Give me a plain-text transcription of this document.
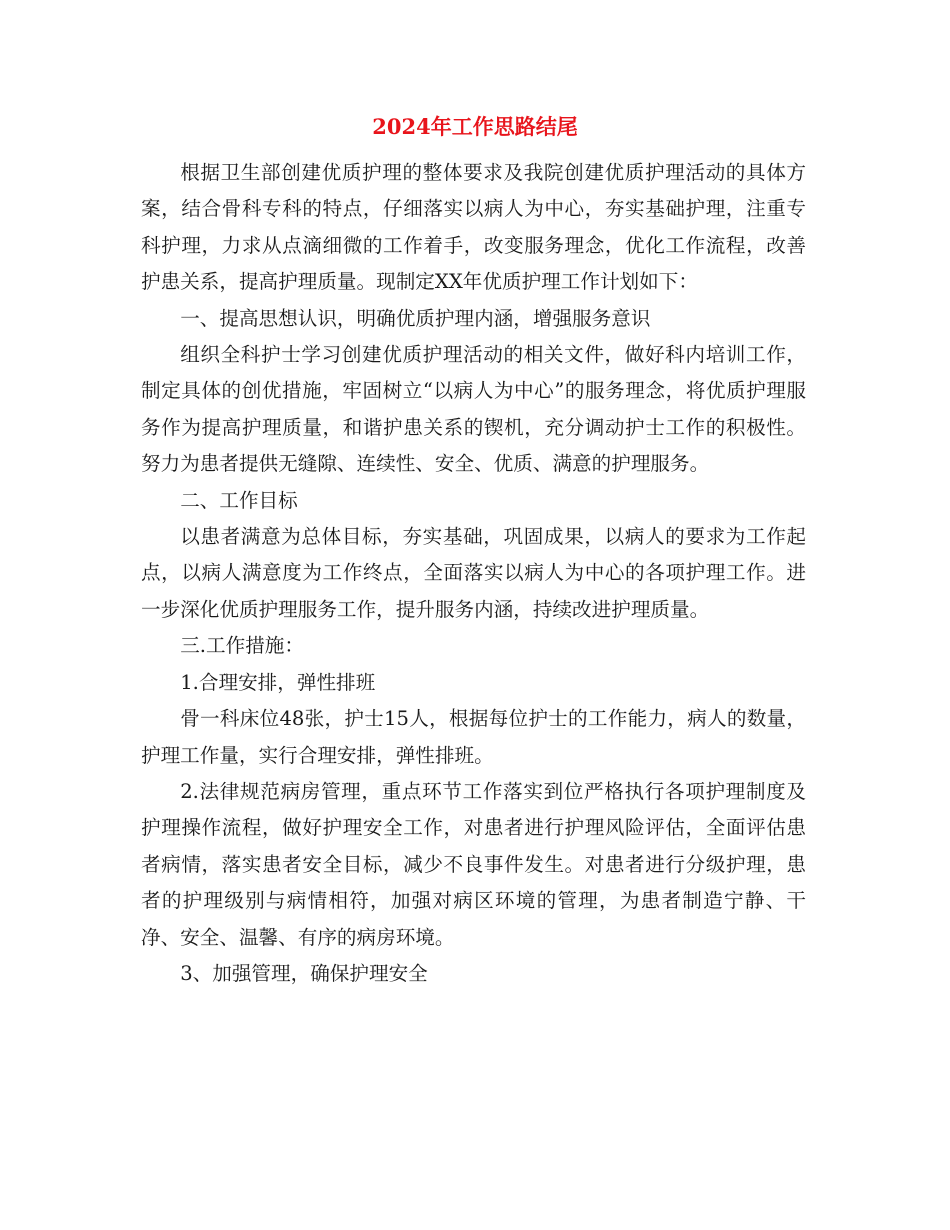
2024年工作思路结尾

根据卫生部创建优质护理的整体要求及我院创建优质护理活动的具体方案，结合骨科专科的特点，仔细落实以病人为中心，夯实基础护理，注重专科护理，力求从点滴细微的工作着手，改变服务理念，优化工作流程，改善护患关系，提高护理质量。现制定XX年优质护理工作计划如下：

一、提高思想认识，明确优质护理内涵，增强服务意识

组织全科护士学习创建优质护理活动的相关文件，做好科内培训工作，制定具体的创优措施，牢固树立“以病人为中心”的服务理念，将优质护理服务作为提高护理质量，和谐护患关系的锲机，充分调动护士工作的积极性。努力为患者提供无缝隙、连续性、安全、优质、满意的护理服务。

二、工作目标

以患者满意为总体目标，夯实基础，巩固成果，以病人的要求为工作起点，以病人满意度为工作终点，全面落实以病人为中心的各项护理工作。进一步深化优质护理服务工作，提升服务内涵，持续改进护理质量。

三.工作措施：

1.合理安排，弹性排班

骨一科床位48张，护士15人，根据每位护士的工作能力，病人的数量，护理工作量，实行合理安排，弹性排班。

2.法律规范病房管理，重点环节工作落实到位严格执行各项护理制度及护理操作流程，做好护理安全工作，对患者进行护理风险评估，全面评估患者病情，落实患者安全目标，减少不良事件发生。对患者进行分级护理，患者的护理级别与病情相符，加强对病区环境的管理，为患者制造宁静、干净、安全、温馨、有序的病房环境。

3、加强管理，确保护理安全
